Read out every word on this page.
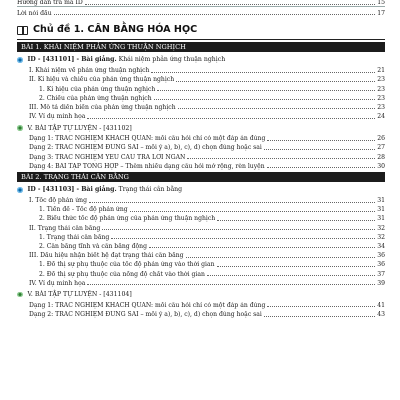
Hướng dẫn tra mã ID	15
Lời nói đầu	17
Chủ đề 1. CÂN BẰNG HÓA HỌC
BÀI 1. KHÁI NIỆM PHẢN ỨNG THUẬN NGHỊCH
ID - [431101] - Bài giảng.
Khái niệm phản ứng thuận nghịch
I. Khái niệm về phản ứng thuận nghịch	21
II. Kí hiệu và chiều của phản ứng thuận nghịch	23
1. Kí hiệu của phản ứng thuận nghịch	23
2. Chiều của phản ứng thuận nghịch	23
III. Mô tả diễn biến của phản ứng thuận nghịch	23
IV. Ví dụ minh họa	24
V. BÀI TẬP TỰ LUYỆN - [431102]
Dạng 1: TRẮC NGHIỆM KHÁCH QUAN: mỗi câu hỏi chỉ có một đáp án đúng	26
Dạng 2: TRẮC NGHIỆM ĐÚNG SAI – mỗi ý a), b), c), d) chọn đúng hoặc sai	27
Dạng 3: TRẮC NGHIỆM YÊU CẦU TRẢ LỜI NGẮN	28
Dạng 4: BÀI TẬP TỔNG HỢP – Thêm nhiều dạng câu hỏi mở rộng, rèn luyện	30
BÀI 2. TRẠNG THÁI CÂN BẰNG
ID - [431103] - Bài giảng.
Trạng thái cân bằng
I. Tốc độ phản ứng	31
1. Tiền đề - Tốc độ phản ứng	31
2. Biểu thức tốc độ phản ứng của phản ứng thuận nghịch	31
II. Trạng thái cân bằng	32
1. Trạng thái cân bằng	32
2. Cân bằng tĩnh và cân bằng động	34
III. Dấu hiệu nhận biết hệ đạt trạng thái cân bằng	36
1. Đồ thị sự phụ thuộc của tốc độ phản ứng vào thời gian	36
2. Đồ thị sự phụ thuộc của nồng độ chất vào thời gian	37
IV. Ví dụ minh họa	39
V. BÀI TẬP TỰ LUYỆN - [431104]
Dạng 1: TRẮC NGHIỆM KHÁCH QUAN: mỗi câu hỏi chỉ có một đáp án đúng	41
Dạng 2: TRẮC NGHIỆM ĐÚNG SAI – mỗi ý a), b), c), d) chọn đúng hoặc sai	43
